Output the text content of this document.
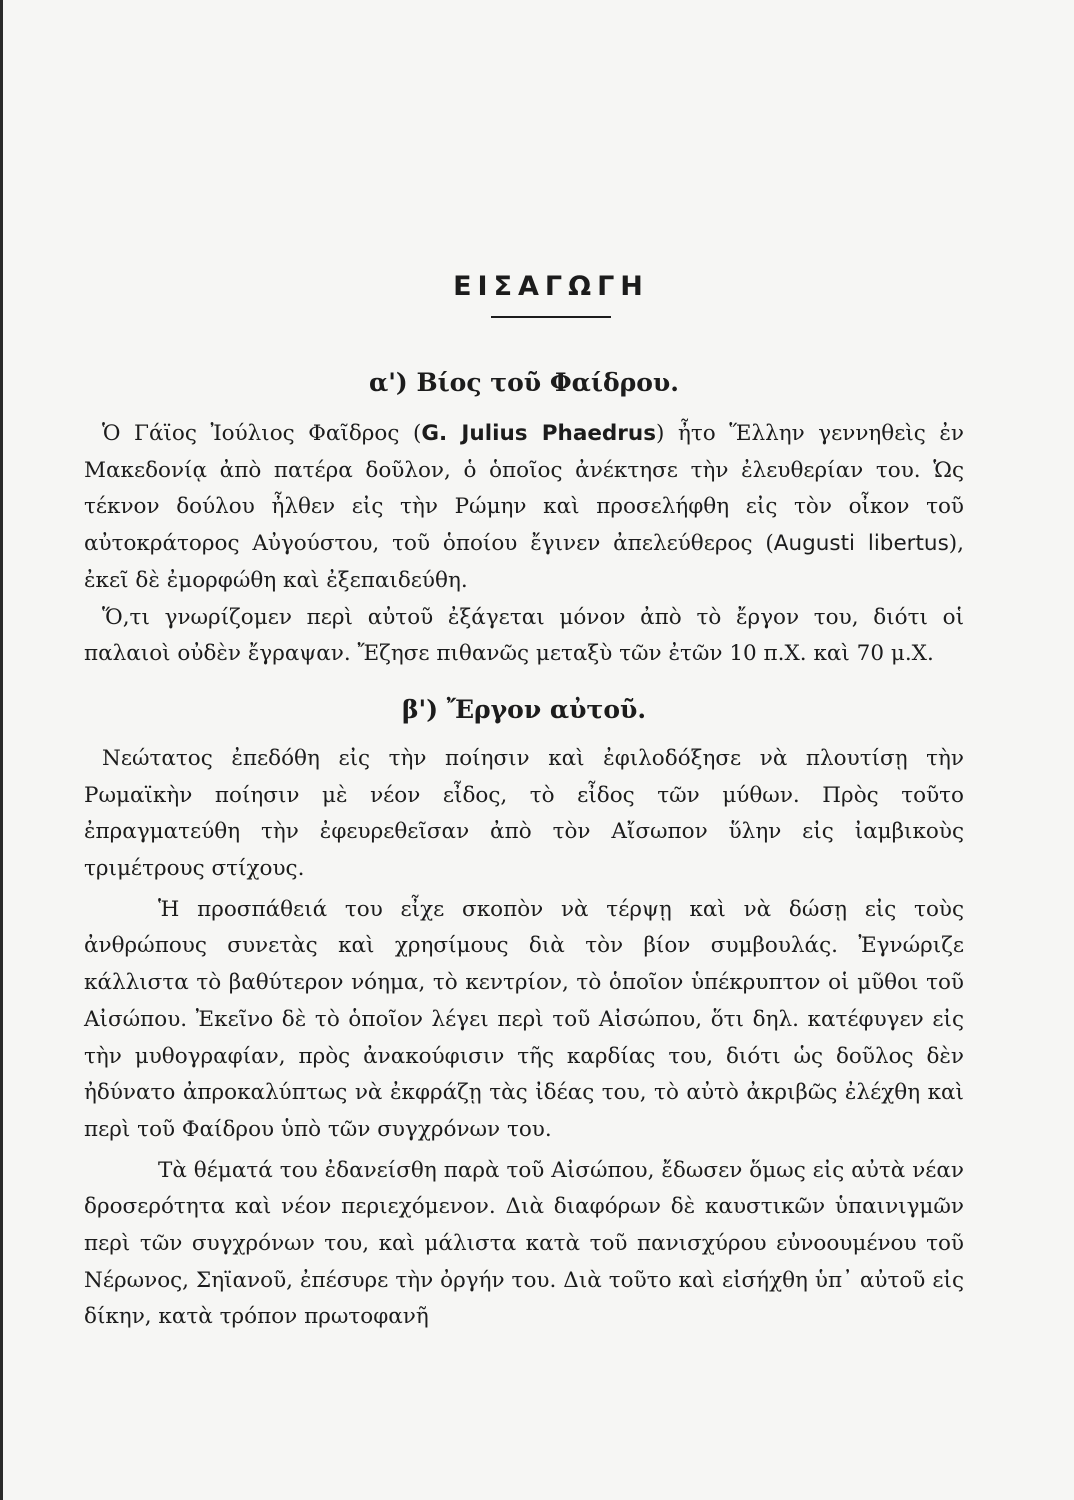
ΕΙΣΑΓΩΓΗ
α') Βίος τοῦ Φαίδρου.

Ὁ Γάϊος Ἰούλιος Φαῖδρος (G. Julius Phaedrus) ἦτο Ἕλλην γεννηθεὶς ἐν Μακεδονίᾳ ἀπὸ πατέρα δοῦλον, ὁ ὁποῖος ἀνέκτησε τὴν ἐλευθερίαν του. Ὡς τέκνον δούλου ἦλθεν εἰς τὴν Ρώμην καὶ προσελήφθη εἰς τὸν οἶκον τοῦ αὐτοκράτορος Αὐγούστου, τοῦ ὁποίου ἔγινεν ἀπελεύθερος (Augusti libertus), ἐκεῖ δὲ ἐμορφώθη καὶ ἐξεπαιδεύθη.

Ὅ,τι γνωρίζομεν περὶ αὐτοῦ ἐξάγεται μόνον ἀπὸ τὸ ἔργον του, διότι οἱ παλαιοὶ οὐδὲν ἔγραψαν. Ἔζησε πιθανῶς μεταξὺ τῶν ἐτῶν 10 π.Χ. καὶ 70 μ.Χ.

β') Ἔργον αὐτοῦ.

Νεώτατος ἐπεδόθη εἰς τὴν ποίησιν καὶ ἐφιλοδόξησε νὰ πλουτίσῃ τὴν Ρωμαϊκὴν ποίησιν μὲ νέον εἶδος, τὸ εἶδος τῶν μύθων. Πρὸς τοῦτο ἐπραγματεύθη τὴν ἐφευρεθεῖσαν ἀπὸ τὸν Αἴσωπον ὕλην εἰς ἰαμβικοὺς τριμέτρους στίχους.

Ἡ προσπάθειά του εἶχε σκοπὸν νὰ τέρψῃ καὶ νὰ δώσῃ εἰς τοὺς ἀνθρώπους συνετὰς καὶ χρησίμους διὰ τὸν βίον συμβουλάς. Ἐγνώριζε κάλλιστα τὸ βαθύτερον νόημα, τὸ κεντρίον, τὸ ὁποῖον ὑπέκρυπτον οἱ μῦθοι τοῦ Αἰσώπου. Ἐκεῖνο δὲ τὸ ὁποῖον λέγει περὶ τοῦ Αἰσώπου, ὅτι δηλ. κατέφυγεν εἰς τὴν μυθογραφίαν, πρὸς ἀνακούφισιν τῆς καρδίας του, διότι ὡς δοῦλος δὲν ἠδύνατο ἀπροκαλύπτως νὰ ἐκφράζῃ τὰς ἰδέας του, τὸ αὐτὸ ἀκριβῶς ἐλέχθη καὶ περὶ τοῦ Φαίδρου ὑπὸ τῶν συγχρόνων του.

Τὰ θέματά του ἐδανείσθη παρὰ τοῦ Αἰσώπου, ἔδωσεν ὅμως εἰς αὐτὰ νέαν δροσερότητα καὶ νέον περιεχόμενον. Διὰ διαφόρων δὲ καυστικῶν ὑπαινιγμῶν περὶ τῶν συγχρόνων του, καὶ μάλιστα κατὰ τοῦ πανισχύρου εὐνοουμένου τοῦ Νέρωνος, Σηϊανοῦ, ἐπέσυρε τὴν ὀργήν του. Διὰ τοῦτο καὶ εἰσήχθη ὑπ᾿ αὐτοῦ εἰς δίκην, κατὰ τρόπον πρωτοφανῆ
